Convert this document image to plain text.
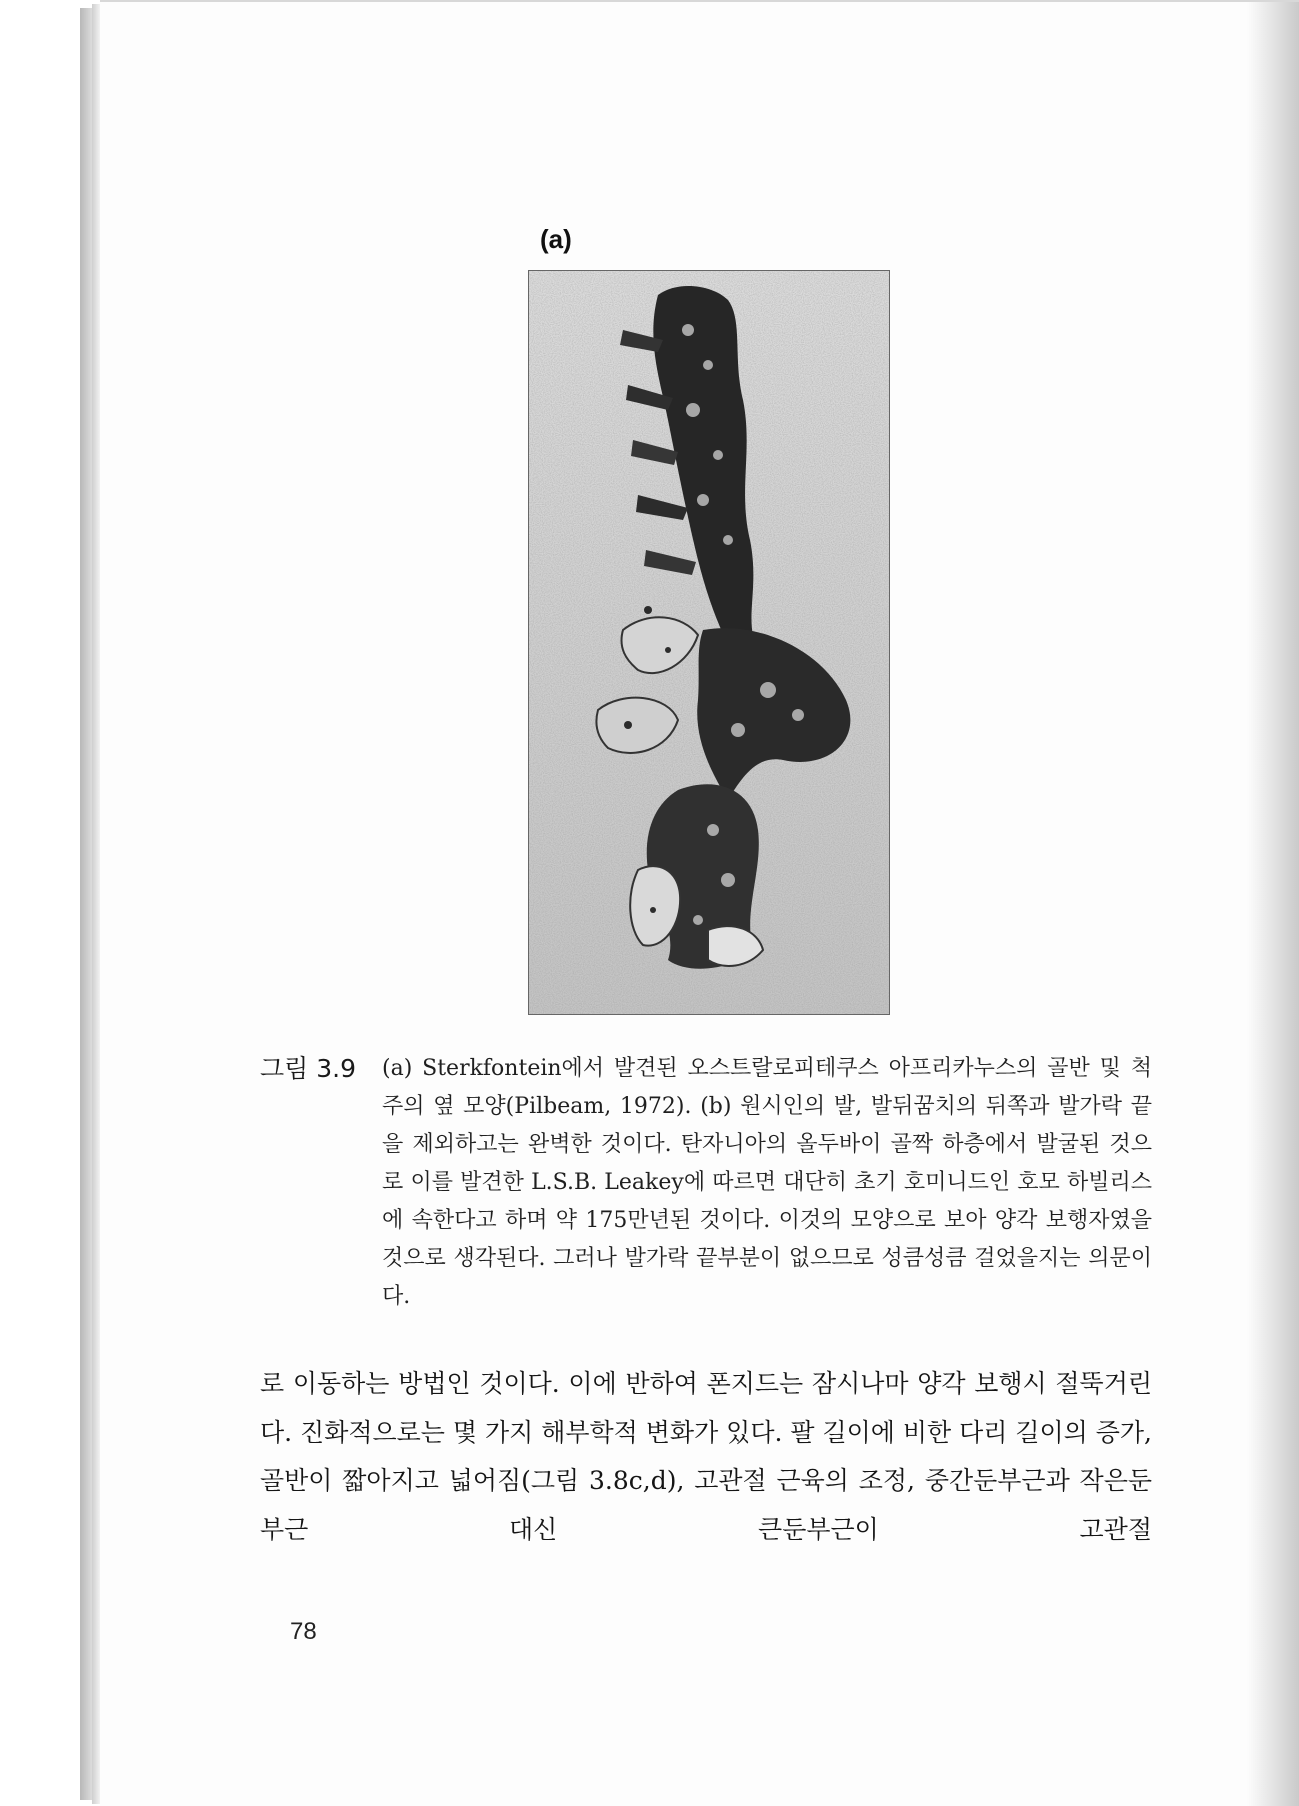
(a)
그림 3.9 (a) Sterkfontein에서 발견된 오스트랄로피테쿠스 아프리카누스의 골반 및 척주의 옆 모양(Pilbeam, 1972). (b) 원시인의 발, 발뒤꿈치의 뒤쪽과 발가락 끝을 제외하고는 완벽한 것이다. 탄자니아의 올두바이 골짝 하층에서 발굴된 것으로 이를 발견한 L.S.B. Leakey에 따르면 대단히 초기 호미니드인 호모 하빌리스에 속한다고 하며 약 175만년된 것이다. 이것의 모양으로 보아 양각 보행자였을 것으로 생각된다. 그러나 발가락 끝부분이 없으므로 성큼성큼 걸었을지는 의문이다.
로 이동하는 방법인 것이다. 이에 반하여 폰지드는 잠시나마 양각 보행시 절뚝거린다. 진화적으로는 몇 가지 해부학적 변화가 있다. 팔 길이에 비한 다리 길이의 증가, 골반이 짧아지고 넓어짐(그림 3.8c,d), 고관절 근육의 조정, 중간둔부근과 작은둔부근 대신 큰둔부근이 고관절
78
